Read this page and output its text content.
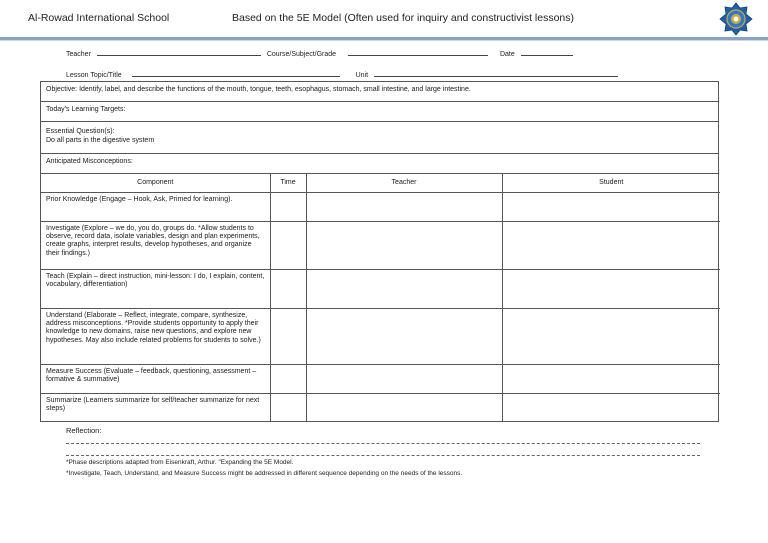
Al-Rowad International School	Based on the 5E Model (Often used for inquiry and constructivist lessons)
Teacher	Course/Subject/Grade	Date
Lesson Topic/Title	Unit
Objective: Identify, label, and describe the functions of the mouth, tongue, teeth, esophagus, stomach, small intestine, and large intestine.
Today's Learning Targets:
Essential Question(s):
Do all parts in the digestive system
Anticipated Misconceptions:
Component	Time	Teacher	Student
Prior Knowledge (Engage – Hook, Ask, Primed for learning).			
Investigate (Explore – we do, you do, groups do. *Allow students to observe, record data, isolate variables, design and plan experiments, create graphs, interpret results, develop hypotheses, and organize their findings.)			
Teach (Explain – direct instruction, mini-lesson: I do, I explain, content, vocabulary, differentiation)			
Understand (Elaborate – Reflect, integrate, compare, synthesize, address misconceptions. *Provide students opportunity to apply their knowledge to new domains, raise new questions, and explore new hypotheses. May also include related problems for students to solve.)			
Measure Success (Evaluate – feedback, questioning, assessment – formative & summative)			
Summarize (Learners summarize for self/teacher summarize for next steps)			
Reflection:
*Phase descriptions adapted from Eisenkraft, Arthur. "Expanding the 5E Model.
*Investigate, Teach, Understand, and Measure Success might be addressed in different sequence depending on the needs of the lessons.
